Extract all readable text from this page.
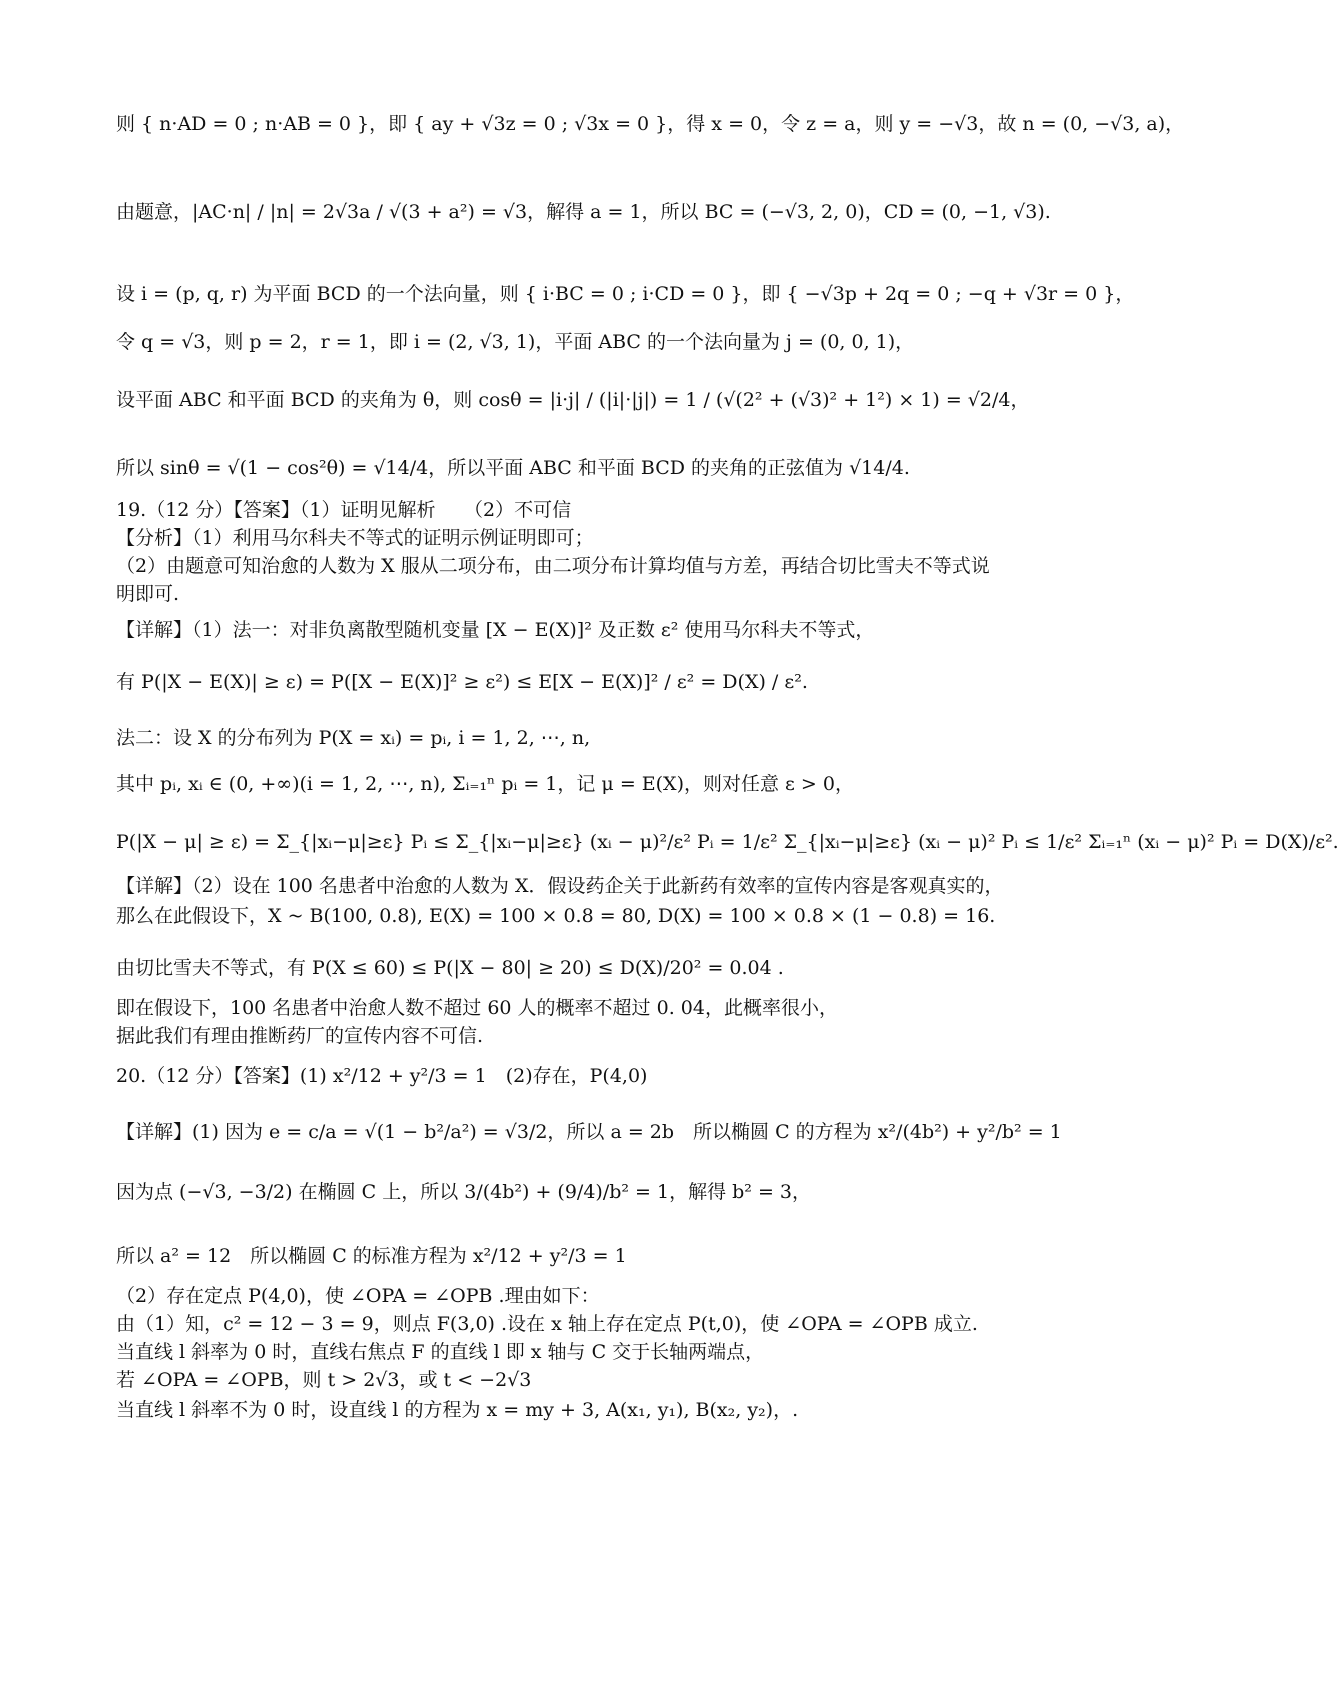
则 { n·AD = 0 ; n·AB = 0 }，即 { ay + √3z = 0 ; √3x = 0 }，得 x = 0，令 z = a，则 y = −√3，故 n = (0, −√3, a)，
由题意，|AC·n| / |n| = 2√3a / √(3 + a²) = √3，解得 a = 1，所以 BC = (−√3, 2, 0)，CD = (0, −1, √3).
设 i = (p, q, r) 为平面 BCD 的一个法向量，则 { i·BC = 0 ; i·CD = 0 }，即 { −√3p + 2q = 0 ; −q + √3r = 0 }，
令 q = √3，则 p = 2，r = 1，即 i = (2, √3, 1)，平面 ABC 的一个法向量为 j = (0, 0, 1)，
设平面 ABC 和平面 BCD 的夹角为 θ，则 cosθ = |i·j| / (|i|·|j|) = 1 / (√(2² + (√3)² + 1²) × 1) = √2/4，
所以 sinθ = √(1 − cos²θ) = √14/4，所以平面 ABC 和平面 BCD 的夹角的正弦值为 √14/4.
19.（12 分）【答案】（1）证明见解析　　（2）不可信
【分析】（1）利用马尔科夫不等式的证明示例证明即可；
（2）由题意可知治愈的人数为 X 服从二项分布，由二项分布计算均值与方差，再结合切比雪夫不等式说
明即可.
【详解】（1）法一：对非负离散型随机变量 [X − E(X)]² 及正数 ε² 使用马尔科夫不等式，
有 P(|X − E(X)| ≥ ε) = P([X − E(X)]² ≥ ε²) ≤ E[X − E(X)]² / ε² = D(X) / ε².
法二：设 X 的分布列为 P(X = xᵢ) = pᵢ, i = 1, 2, ⋯, n,
其中 pᵢ, xᵢ ∈ (0, +∞)(i = 1, 2, ⋯, n), Σᵢ₌₁ⁿ pᵢ = 1，记 μ = E(X)，则对任意 ε > 0，
P(|X − μ| ≥ ε) = Σ_{|xᵢ−μ|≥ε} Pᵢ ≤ Σ_{|xᵢ−μ|≥ε} (xᵢ − μ)²/ε² Pᵢ = 1/ε² Σ_{|xᵢ−μ|≥ε} (xᵢ − μ)² Pᵢ ≤ 1/ε² Σᵢ₌₁ⁿ (xᵢ − μ)² Pᵢ = D(X)/ε².
【详解】（2）设在 100 名患者中治愈的人数为 X．假设药企关于此新药有效率的宣传内容是客观真实的，
那么在此假设下，X ~ B(100, 0.8), E(X) = 100 × 0.8 = 80, D(X) = 100 × 0.8 × (1 − 0.8) = 16.
由切比雪夫不等式，有 P(X ≤ 60) ≤ P(|X − 80| ≥ 20) ≤ D(X)/20² = 0.04 .
即在假设下，100 名患者中治愈人数不超过 60 人的概率不超过 0. 04，此概率很小，
据此我们有理由推断药厂的宣传内容不可信.
20.（12 分）【答案】(1) x²/12 + y²/3 = 1　(2)存在，P(4,0)
【详解】(1) 因为 e = c/a = √(1 − b²/a²) = √3/2，所以 a = 2b　所以椭圆 C 的方程为 x²/(4b²) + y²/b² = 1
因为点 (−√3, −3/2) 在椭圆 C 上，所以 3/(4b²) + (9/4)/b² = 1，解得 b² = 3，
所以 a² = 12　所以椭圆 C 的标准方程为 x²/12 + y²/3 = 1
（2）存在定点 P(4,0)，使 ∠OPA = ∠OPB .理由如下：
由（1）知，c² = 12 − 3 = 9，则点 F(3,0) .设在 x 轴上存在定点 P(t,0)，使 ∠OPA = ∠OPB 成立.
当直线 l 斜率为 0 时，直线右焦点 F 的直线 l 即 x 轴与 C 交于长轴两端点，
若 ∠OPA = ∠OPB，则 t > 2√3，或 t < −2√3
当直线 l 斜率不为 0 时，设直线 l 的方程为 x = my + 3, A(x₁, y₁), B(x₂, y₂)，.
